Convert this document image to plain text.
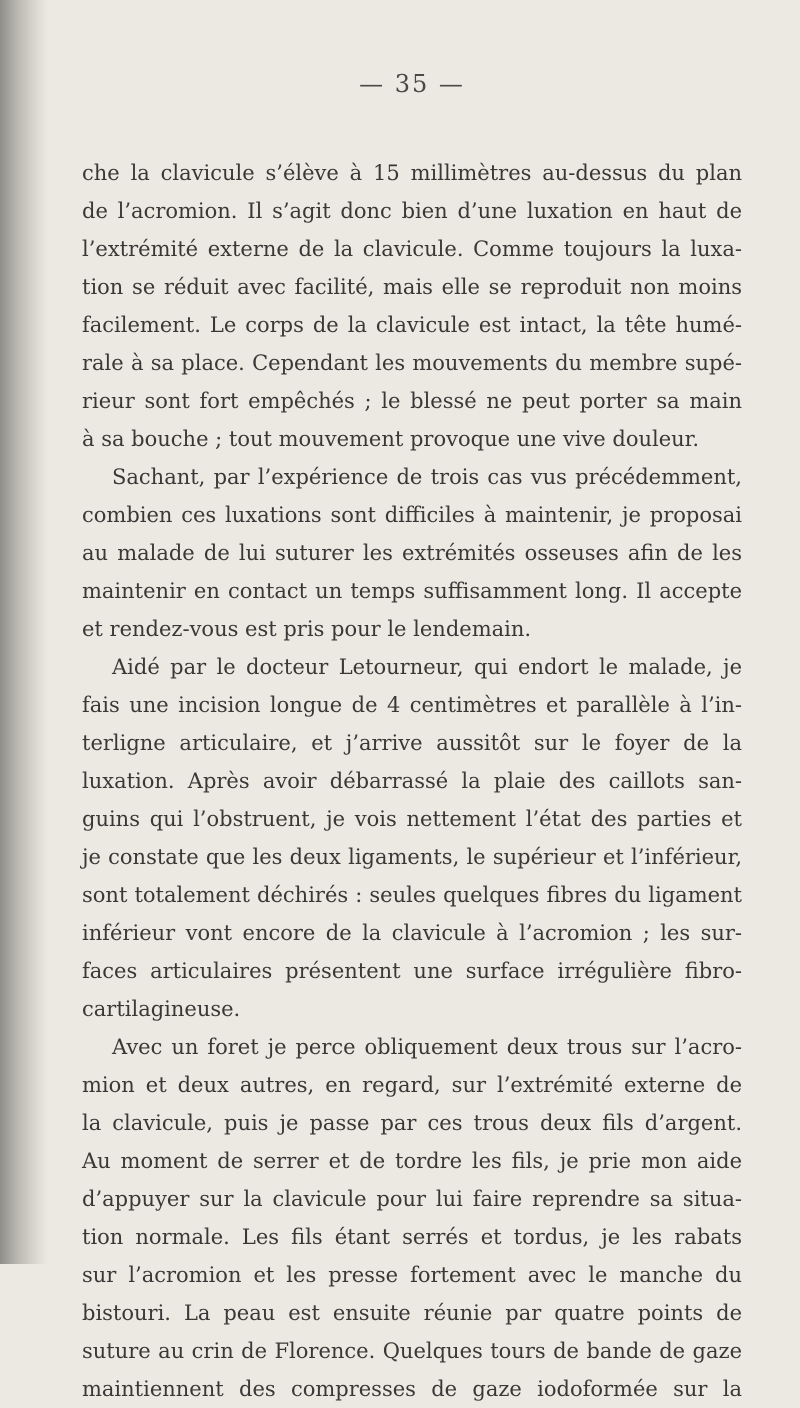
— 35 —
che la clavicule s’élève à 15 millimètres au-dessus du plan
de l’acromion. Il s’agit donc bien d’une luxation en haut de
l’extrémité externe de la clavicule. Comme toujours la luxa-
tion se réduit avec facilité, mais elle se reproduit non moins
facilement. Le corps de la clavicule est intact, la tête humé-
rale à sa place. Cependant les mouvements du membre supé-
rieur sont fort empêchés ; le blessé ne peut porter sa main
à sa bouche ; tout mouvement provoque une vive douleur.
Sachant, par l’expérience de trois cas vus précédemment,
combien ces luxations sont difficiles à maintenir, je proposai
au malade de lui suturer les extrémités osseuses afin de les
maintenir en contact un temps suffisamment long. Il accepte
et rendez-vous est pris pour le lendemain.
Aidé par le docteur Letourneur, qui endort le malade, je
fais une incision longue de 4 centimètres et parallèle à l’in-
terligne articulaire, et j’arrive aussitôt sur le foyer de la
luxation. Après avoir débarrassé la plaie des caillots san-
guins qui l’obstruent, je vois nettement l’état des parties et
je constate que les deux ligaments, le supérieur et l’inférieur,
sont totalement déchirés : seules quelques fibres du ligament
inférieur vont encore de la clavicule à l’acromion ; les sur-
faces articulaires présentent une surface irrégulière fibro-
cartilagineuse.
Avec un foret je perce obliquement deux trous sur l’acro-
mion et deux autres, en regard, sur l’extrémité externe de
la clavicule, puis je passe par ces trous deux fils d’argent.
Au moment de serrer et de tordre les fils, je prie mon aide
d’appuyer sur la clavicule pour lui faire reprendre sa situa-
tion normale. Les fils étant serrés et tordus, je les rabats
sur l’acromion et les presse fortement avec le manche du
bistouri. La peau est ensuite réunie par quatre points de
suture au crin de Florence. Quelques tours de bande de gaze
maintiennent des compresses de gaze iodoformée sur la
